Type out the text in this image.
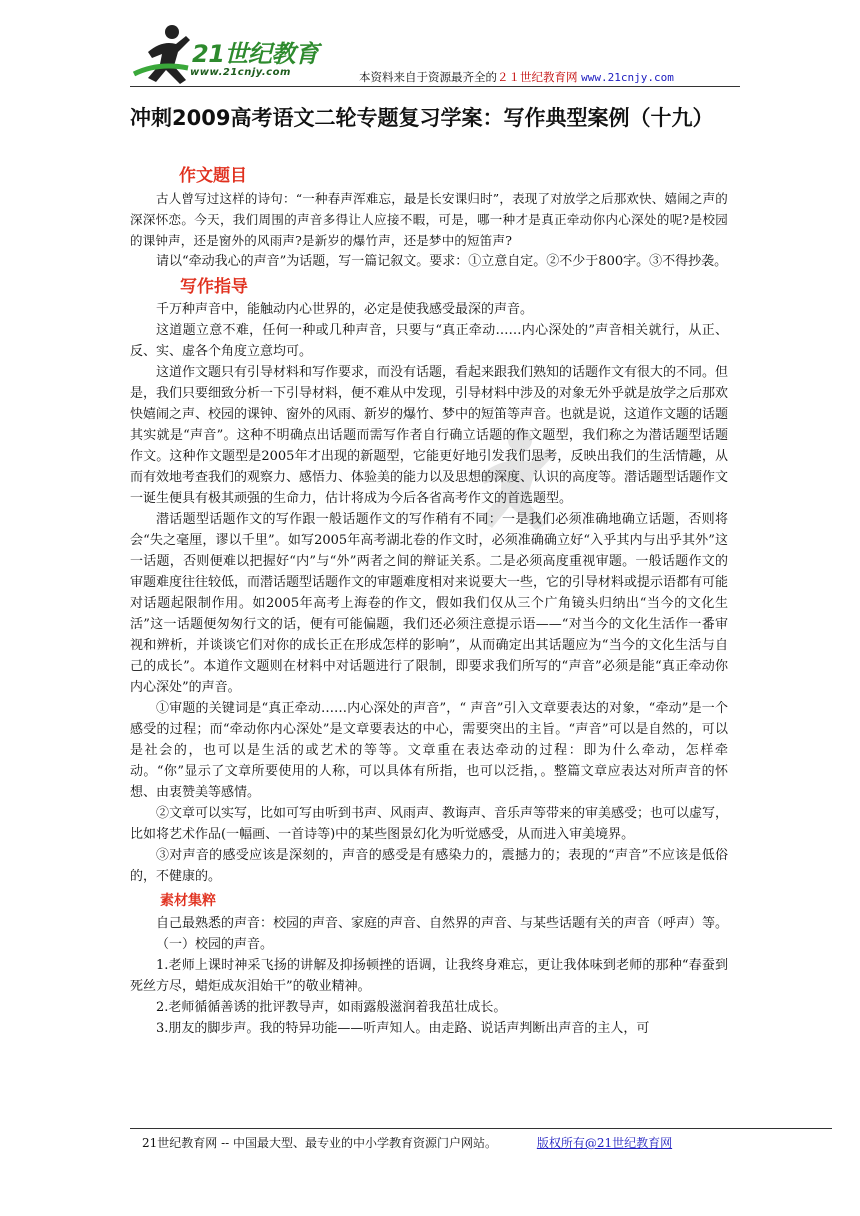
21世纪教育
www.21cnjy.com	本资料来自于资源最齐全的２１世纪教育网 www.21cnjy.com
冲刺2009高考语文二轮专题复习学案：写作典型案例（十九）
作文题目

古人曾写过这样的诗句：“一种春声浑难忘，最是长安课归时”，表现了对放学之后那欢快、嬉闹之声的深深怀恋。今天，我们周围的声音多得让人应接不暇，可是，哪一种才是真正牵动你内心深处的呢?是校园的课钟声，还是窗外的风雨声?是新岁的爆竹声，还是梦中的短笛声?

请以“牵动我心的声音”为话题，写一篇记叙文。要求：①立意自定。②不少于800字。③不得抄袭。

写作指导

千万种声音中，能触动内心世界的，必定是使我感受最深的声音。

这道题立意不难，任何一种或几种声音，只要与“真正牵动……内心深处的”声音相关就行，从正、反、实、虚各个角度立意均可。

这道作文题只有引导材料和写作要求，而没有话题，看起来跟我们熟知的话题作文有很大的不同。但是，我们只要细致分析一下引导材料，便不难从中发现，引导材料中涉及的对象无外乎就是放学之后那欢快嬉闹之声、校园的课钟、窗外的风雨、新岁的爆竹、梦中的短笛等声音。也就是说，这道作文题的话题其实就是“声音”。这种不明确点出话题而需写作者自行确立话题的作文题型，我们称之为潜话题型话题作文。这种作文题型是2005年才出现的新题型，它能更好地引发我们思考，反映出我们的生活情趣，从而有效地考查我们的观察力、感悟力、体验美的能力以及思想的深度、认识的高度等。潜话题型话题作文一诞生便具有极其顽强的生命力，估计将成为今后各省高考作文的首选题型。

潜话题型话题作文的写作跟一般话题作文的写作稍有不同：一是我们必须准确地确立话题，否则将会“失之毫厘，谬以千里”。如写2005年高考湖北卷的作文时，必须准确确立好“入乎其内与出乎其外”这一话题，否则便难以把握好“内”与“外”两者之间的辩证关系。二是必须高度重视审题。一般话题作文的审题难度往往较低，而潜话题型话题作文的审题难度相对来说要大一些，它的引导材料或提示语都有可能对话题起限制作用。如2005年高考上海卷的作文，假如我们仅从三个广角镜头归纳出“当今的文化生活”这一话题便匆匆行文的话，便有可能偏题，我们还必须注意提示语——“对当今的文化生活作一番审视和辨析，并谈谈它们对你的成长正在形成怎样的影响”，从而确定出其话题应为“当今的文化生活与自己的成长”。本道作文题则在材料中对话题进行了限制，即要求我们所写的“声音”必须是能“真正牵动你内心深处”的声音。

①审题的关键词是“真正牵动……内心深处的声音”，“ 声音”引入文章要表达的对象，“牵动”是一个感受的过程；而“牵动你内心深处”是文章要表达的中心，需要突出的主旨。“声音”可以是自然的，可以是社会的，也可以是生活的或艺术的等等。文章重在表达牵动的过程：即为什么牵动，怎样牵动。“你”显示了文章所要使用的人称，可以具体有所指，也可以泛指，。整篇文章应表达对所声音的怀想、由衷赞美等感情。

②文章可以实写，比如可写由听到书声、风雨声、教诲声、音乐声等带来的审美感受；也可以虚写，比如将艺术作品(一幅画、一首诗等)中的某些图景幻化为听觉感受，从而进入审美境界。

③对声音的感受应该是深刻的，声音的感受是有感染力的，震撼力的；表现的“声音”不应该是低俗的，不健康的。

素材集粹

自己最熟悉的声音：校园的声音、家庭的声音、自然界的声音、与某些话题有关的声音（呼声）等。

（一）校园的声音。

1.老师上课时神采飞扬的讲解及抑扬顿挫的语调，让我终身难忘，更让我体味到老师的那种“春蚕到死丝方尽，蜡炬成灰泪始干”的敬业精神。

2.老师循循善诱的批评教导声，如雨露般滋润着我茁壮成长。

3.朋友的脚步声。我的特异功能——听声知人。由走路、说话声判断出声音的主人，可

21世纪教育网 -- 中国最大型、最专业的中小学教育资源门户网站。	版权所有@21世纪教育网
